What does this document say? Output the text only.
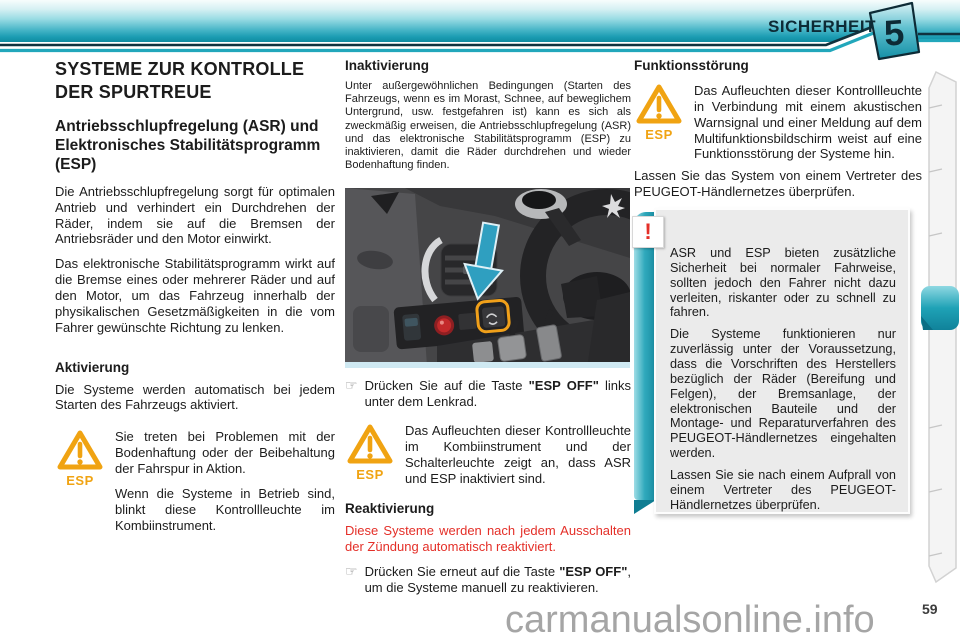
5
SICHERHEIT
SYSTEME ZUR KONTROLLE DER SPURTREUE
Antriebsschlupfregelung (ASR) und Elektronisches Stabilitätsprogramm (ESP)

Die Antriebsschlupfregelung sorgt für optimalen Antrieb und verhindert ein Durchdrehen der Räder, indem sie auf die Bremsen der Antriebsräder und den Motor einwirkt.

Das elektronische Stabilitätsprogramm wirkt auf die Bremse eines oder mehrerer Räder und auf den Motor, um das Fahrzeug innerhalb der physikalischen Gesetzmäßigkeiten in die vom Fahrer gewünschte Richtung zu lenken.

Aktivierung

Die Systeme werden automatisch bei jedem Starten des Fahrzeugs aktiviert.

ESP

Sie treten bei Problemen mit der Bodenhaftung oder der Beibehaltung der Fahrspur in Aktion.

Wenn die Systeme in Betrieb sind, blinkt diese Kontrollleuchte im Kombiinstrument.

Inaktivierung

Unter außergewöhnlichen Bedingungen (Starten des Fahrzeugs, wenn es im Morast, Schnee, auf beweglichem Untergrund, usw. festgefahren ist) kann es sich als zweckmäßig erweisen, die Antriebsschlupfregelung (ASR) und das elektronische Stabilitätsprogramm (ESP) zu inaktivieren, damit die Räder durchdrehen und wieder Bodenhaftung finden.

☞ Drücken Sie auf die Taste "ESP OFF" links unter dem Lenkrad.

ESP

Das Aufleuchten dieser Kontrollleuchte im Kombiinstrument und der Schalterleuchte zeigt an, dass ASR und ESP inaktiviert sind.

Reaktivierung

Diese Systeme werden nach jedem Ausschalten der Zündung automatisch reaktiviert.

☞ Drücken Sie erneut auf die Taste "ESP OFF", um die Systeme manuell zu reaktivieren.

Funktionsstörung
ESP

Das Aufleuchten dieser Kontrollleuchte in Verbindung mit einem akustischen Warnsignal und einer Meldung auf dem Multifunktionsbildschirm weist auf eine Funktionsstörung der Systeme hin.

Lassen Sie das System von einem Vertreter des PEUGEOT-Händlernetzes überprüfen.

!

ASR und ESP bieten zusätzliche Sicherheit bei normaler Fahrweise, sollten jedoch den Fahrer nicht dazu verleiten, riskanter oder zu schnell zu fahren.

Die Systeme funktionieren nur zuverlässig unter der Voraussetzung, dass die Vorschriften des Herstellers bezüglich der Räder (Bereifung und Felgen), der Bremsanlage, der elektronischen Bauteile und der Montage- und Reparaturverfahren des PEUGEOT-Händlernetzes eingehalten werden.

Lassen Sie sie nach einem Aufprall von einem Vertreter des PEUGEOT-Händlernetzes überprüfen.

59
carmanualsonline.info
